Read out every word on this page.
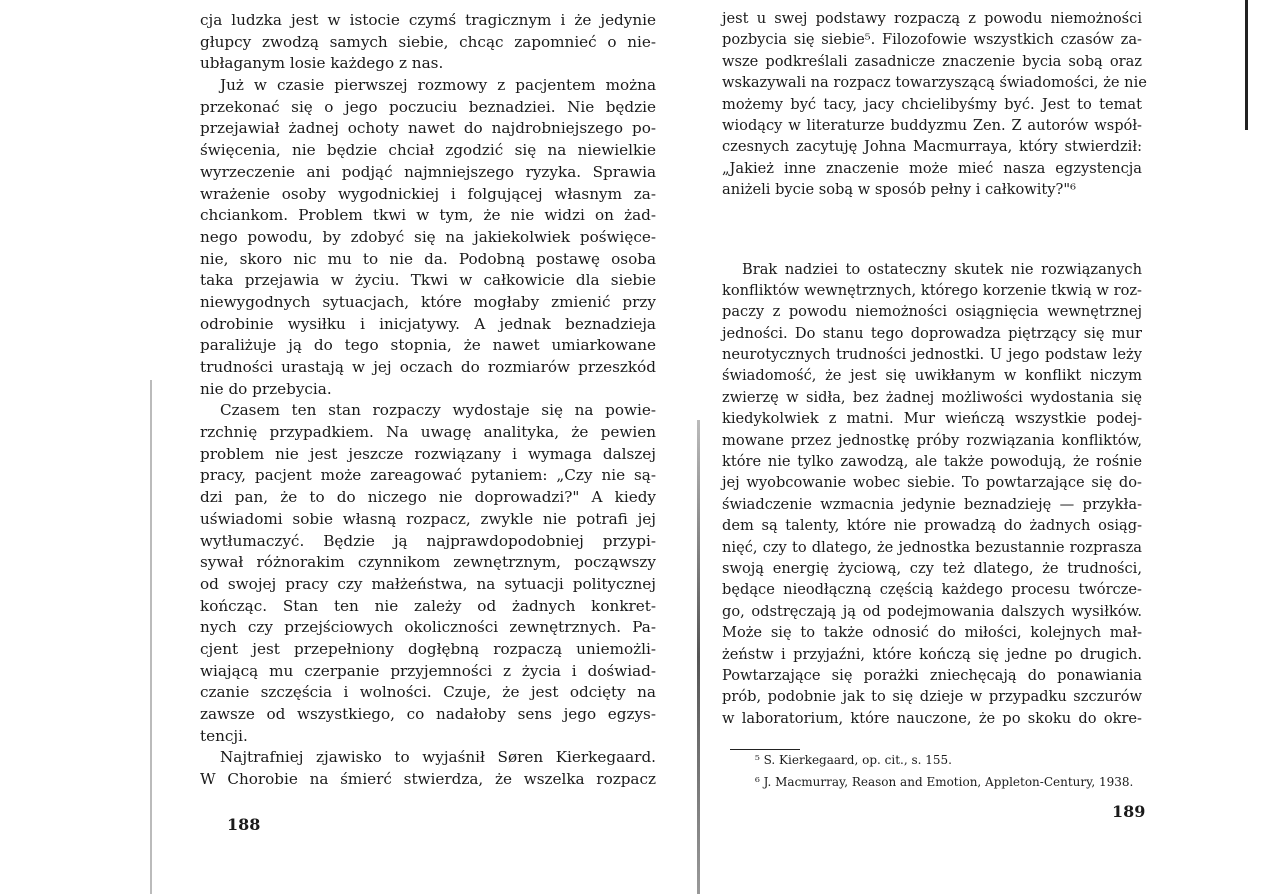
cja ludzka jest w istocie czymś tragicznym i że jedynie
głupcy zwodzą samych siebie, chcąc zapomnieć o nie-
ubłaganym losie każdego z nas.
Już w czasie pierwszej rozmowy z pacjentem można
przekonać się o jego poczuciu beznadziei. Nie będzie
przejawiał żadnej ochoty nawet do najdrobniejszego po-
święcenia, nie będzie chciał zgodzić się na niewielkie
wyrzeczenie ani podjąć najmniejszego ryzyka. Sprawia
wrażenie osoby wygodnickiej i folgującej własnym za-
chciankom. Problem tkwi w tym, że nie widzi on żad-
nego powodu, by zdobyć się na jakiekolwiek poświęce-
nie, skoro nic mu to nie da. Podobną postawę osoba
taka przejawia w życiu. Tkwi w całkowicie dla siebie
niewygodnych sytuacjach, które mogłaby zmienić przy
odrobinie wysiłku i inicjatywy. A jednak beznadzieja
paraliżuje ją do tego stopnia, że nawet umiarkowane
trudności urastają w jej oczach do rozmiarów przeszkód
nie do przebycia.
Czasem ten stan rozpaczy wydostaje się na powie-
rzchnię przypadkiem. Na uwagę analityka, że pewien
problem nie jest jeszcze rozwiązany i wymaga dalszej
pracy, pacjent może zareagować pytaniem: „Czy nie są-
dzi pan, że to do niczego nie doprowadzi?" A kiedy
uświadomi sobie własną rozpacz, zwykle nie potrafi jej
wytłumaczyć. Będzie ją najprawdopodobniej przypi-
sywał różnorakim czynnikom zewnętrznym, począwszy
od swojej pracy czy małżeństwa, na sytuacji politycznej
kończąc. Stan ten nie zależy od żadnych konkret-
nych czy przejściowych okoliczności zewnętrznych. Pa-
cjent jest przepełniony dogłębną rozpaczą uniemożli-
wiającą mu czerpanie przyjemności z życia i doświad-
czanie szczęścia i wolności. Czuje, że jest odcięty na
zawsze od wszystkiego, co nadałoby sens jego egzys-
tencji.
Najtrafniej zjawisko to wyjaśnił Søren Kierkegaard.
W Chorobie na śmierć stwierdza, że wszelka rozpacz
188
jest u swej podstawy rozpaczą z powodu niemożności
pozbycia się siebie⁵. Filozofowie wszystkich czasów za-
wsze podkreślali zasadnicze znaczenie bycia sobą oraz
wskazywali na rozpacz towarzyszącą świadomości, że nie
możemy być tacy, jacy chcielibyśmy być. Jest to temat
wiodący w literaturze buddyzmu Zen. Z autorów współ-
czesnych zacytuję Johna Macmurraya, który stwierdził:
„Jakież inne znaczenie może mieć nasza egzystencja
aniżeli bycie sobą w sposób pełny i całkowity?"⁶
Brak nadziei to ostateczny skutek nie rozwiązanych
konfliktów wewnętrznych, którego korzenie tkwią w roz-
paczy z powodu niemożności osiągnięcia wewnętrznej
jedności. Do stanu tego doprowadza piętrzący się mur
neurotycznych trudności jednostki. U jego podstaw leży
świadomość, że jest się uwikłanym w konflikt niczym
zwierzę w sidła, bez żadnej możliwości wydostania się
kiedykolwiek z matni. Mur wieńczą wszystkie podej-
mowane przez jednostkę próby rozwiązania konfliktów,
które nie tylko zawodzą, ale także powodują, że rośnie
jej wyobcowanie wobec siebie. To powtarzające się do-
świadczenie wzmacnia jedynie beznadzieję — przykła-
dem są talenty, które nie prowadzą do żadnych osiąg-
nięć, czy to dlatego, że jednostka bezustannie rozprasza
swoją energię życiową, czy też dlatego, że trudności,
będące nieodłączną częścią każdego procesu twórcze-
go, odstręczają ją od podejmowania dalszych wysiłków.
Może się to także odnosić do miłości, kolejnych mał-
żeństw i przyjaźni, które kończą się jedne po drugich.
Powtarzające się porażki zniechęcają do ponawiania
prób, podobnie jak to się dzieje w przypadku szczurów
w laboratorium, które nauczone, że po skoku do okre-
⁵ S. Kierkegaard, op. cit., s. 155.
⁶ J. Macmurray, Reason and Emotion, Appleton-Century, 1938.
189
